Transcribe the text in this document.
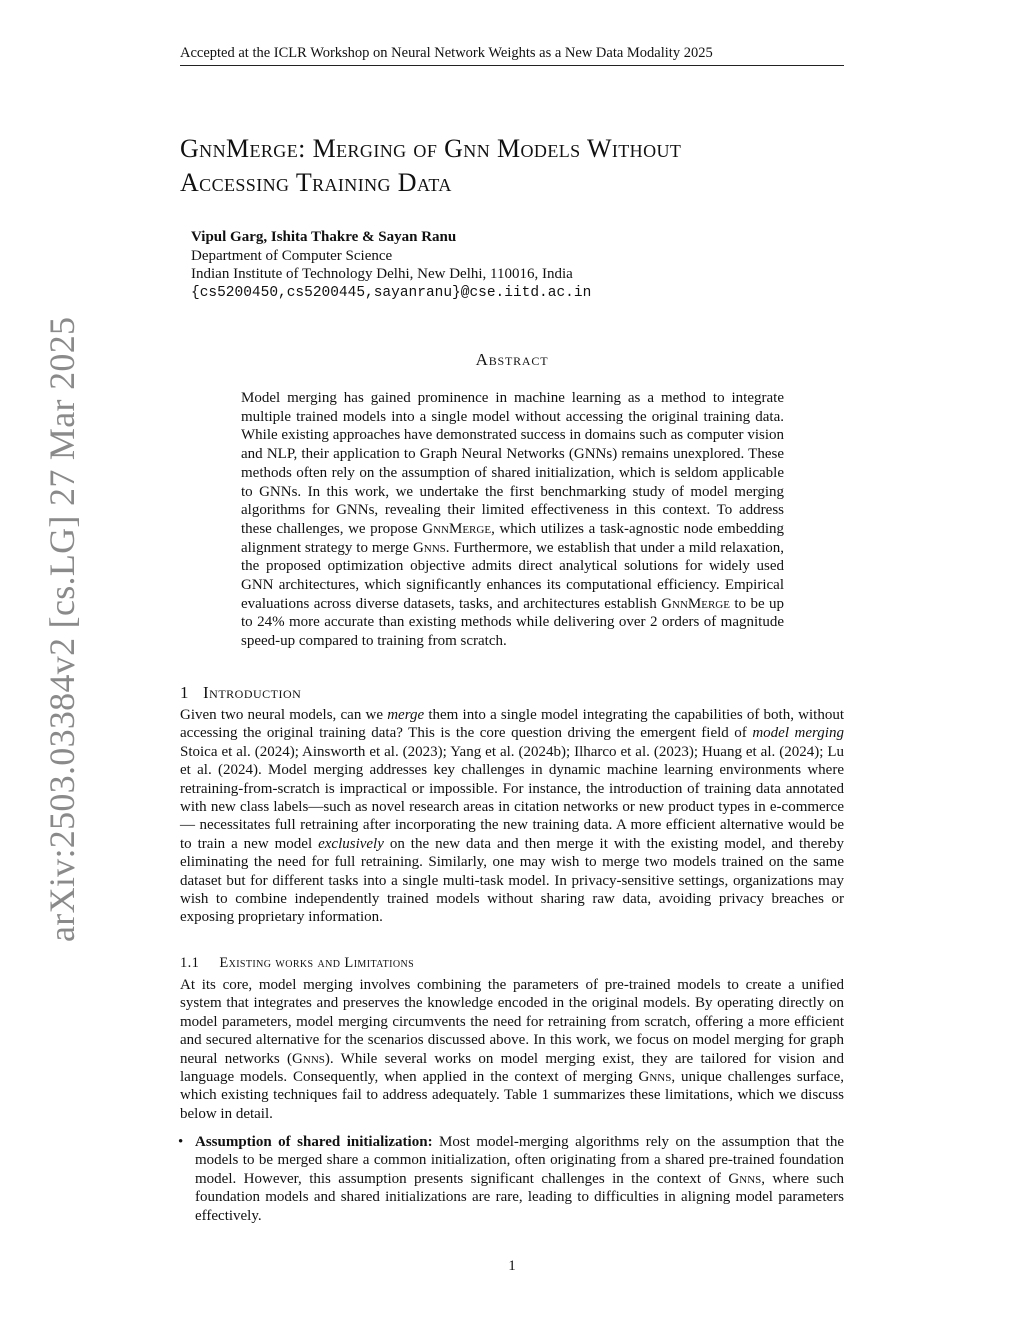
Accepted at the ICLR Workshop on Neural Network Weights as a New Data Modality 2025
arXiv:2503.03384v2 [cs.LG] 27 Mar 2025
GnnMerge: Merging of Gnn Models Without
Accessing Training Data
Vipul Garg, Ishita Thakre & Sayan Ranu
Department of Computer Science
Indian Institute of Technology Delhi, New Delhi, 110016, India
{cs5200450,cs5200445,sayanranu}@cse.iitd.ac.in
Abstract
Model merging has gained prominence in machine learning as a method to integrate multiple trained models into a single model without accessing the original training data. While existing approaches have demonstrated success in domains such as computer vision and NLP, their application to Graph Neural Networks (GNNs) remains unexplored. These methods often rely on the assumption of shared initialization, which is seldom applicable to GNNs. In this work, we undertake the first benchmarking study of model merging algorithms for GNNs, revealing their limited effectiveness in this context. To address these challenges, we propose GnnMerge, which utilizes a task-agnostic node embedding alignment strategy to merge Gnns. Furthermore, we establish that under a mild relaxation, the proposed optimization objective admits direct analytical solutions for widely used GNN architectures, which significantly enhances its computational efficiency. Empirical evaluations across diverse datasets, tasks, and architectures establish GnnMerge to be up to 24% more accurate than existing methods while delivering over 2 orders of magnitude speed-up compared to training from scratch.
1 Introduction
Given two neural models, can we merge them into a single model integrating the capabilities of both, without accessing the original training data? This is the core question driving the emergent field of model merging Stoica et al. (2024); Ainsworth et al. (2023); Yang et al. (2024b); Ilharco et al. (2023); Huang et al. (2024); Lu et al. (2024). Model merging addresses key challenges in dynamic machine learning environments where retraining-from-scratch is impractical or impossible. For instance, the introduction of training data annotated with new class labels—such as novel research areas in citation networks or new product types in e-commerce— necessitates full retraining after incorporating the new training data. A more efficient alternative would be to train a new model exclusively on the new data and then merge it with the existing model, and thereby eliminating the need for full retraining. Similarly, one may wish to merge two models trained on the same dataset but for different tasks into a single multi-task model. In privacy-sensitive settings, organizations may wish to combine independently trained models without sharing raw data, avoiding privacy breaches or exposing proprietary information.
1.1 Existing works and Limitations
At its core, model merging involves combining the parameters of pre-trained models to create a unified system that integrates and preserves the knowledge encoded in the original models. By operating directly on model parameters, model merging circumvents the need for retraining from scratch, offering a more efficient and secured alternative for the scenarios discussed above. In this work, we focus on model merging for graph neural networks (Gnns). While several works on model merging exist, they are tailored for vision and language models. Consequently, when applied in the context of merging Gnns, unique challenges surface, which existing techniques fail to address adequately. Table 1 summarizes these limitations, which we discuss below in detail.
• Assumption of shared initialization: Most model-merging algorithms rely on the assumption that the models to be merged share a common initialization, often originating from a shared pre-trained foundation model. However, this assumption presents significant challenges in the context of Gnns, where such foundation models and shared initializations are rare, leading to difficulties in aligning model parameters effectively.
1
